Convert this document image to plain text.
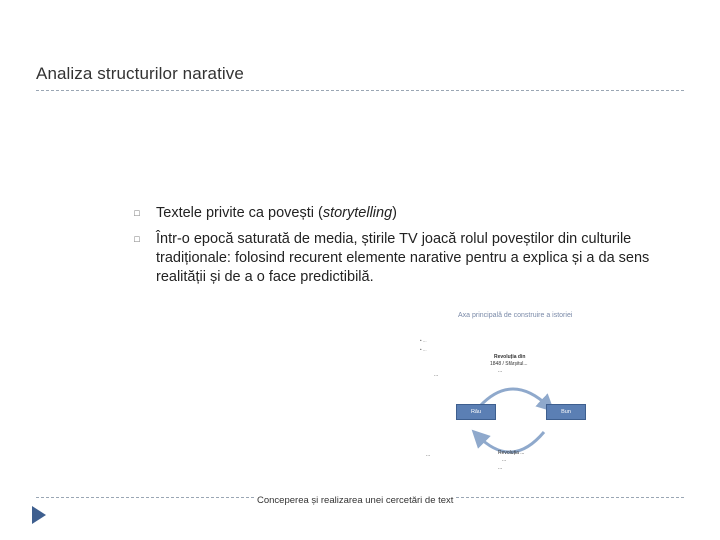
Analiza structurilor narative
□ Textele privite ca povești (storytelling)
□ Într-o epocă saturată de media, știrile TV joacă rolul poveștilor din culturile tradiționale: folosind recurent elemente narative pentru a explica și a da sens realității și de a o face predictibilă.
Axa principală de construire a istoriei
• ...
• ...
Revoluția din
1848 / Sfârșitul...
...
...
Rău	Bun
...	Revoluția ...
...
...
Conceperea și realizarea unei cercetări de text
